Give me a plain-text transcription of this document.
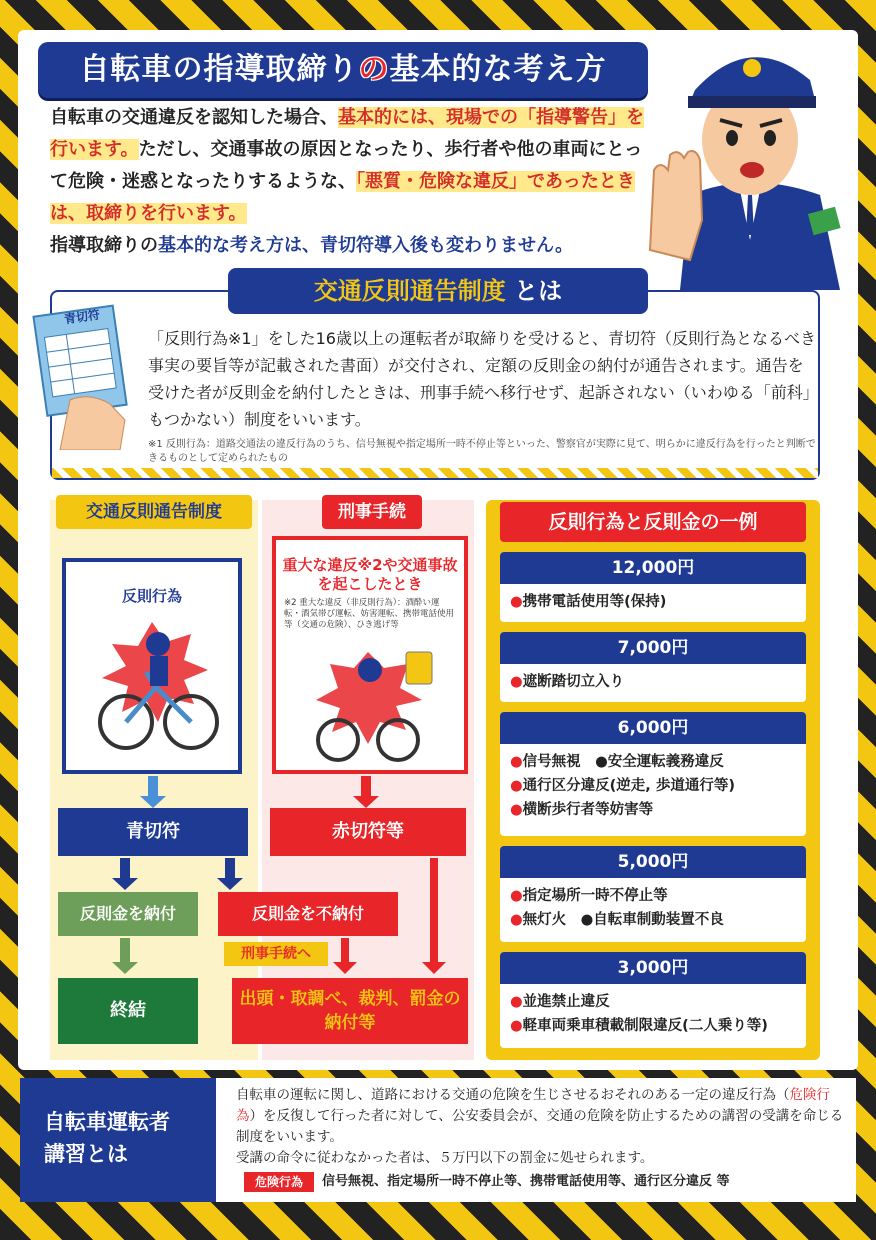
自転車の指導取締りの基本的な考え方
自転車の交通違反を認知した場合、基本的には、現場での「指導警告」を行います。ただし、交通事故の原因となったり、歩行者や他の車両にとって危険・迷惑となったりするような、「悪質・危険な違反」であったときは、取締りを行います。
指導取締りの基本的な考え方は、青切符導入後も変わりません。
交通反則通告制度 とは
青切符
「反則行為※1」をした16歳以上の運転者が取締りを受けると、青切符（反則行為となるべき事実の要旨等が記載された書面）が交付され、定額の反則金の納付が通告されます。通告を受けた者が反則金を納付したときは、刑事手続へ移行せず、起訴されない（いわゆる「前科」もつかない）制度をいいます。
※1 反則行為：道路交通法の違反行為のうち、信号無視や指定場所一時不停止等といった、警察官が実際に見て、明らかに違反行為を行ったと判断できるものとして定められたもの
交通反則通告制度	刑事手続
反則行為
重大な違反※2や交通事故を起こしたとき
※2 重大な違反（非反則行為）：酒酔い運転・酒気帯び運転、妨害運転、携帯電話使用等（交通の危険）、ひき逃げ等
青切符	赤切符等
反則金を納付	反則金を不納付
刑事手続へ
終結
出頭・取調べ、裁判、罰金の納付等
反則行為と反則金の一例
12,000円
●携帯電話使用等(保持)
7,000円
●遮断踏切立入り
6,000円
●信号無視　●安全運転義務違反
●通行区分違反(逆走, 歩道通行等)
●横断歩行者等妨害等
5,000円
●指定場所一時不停止等
●無灯火　●自転車制動装置不良
3,000円
●並進禁止違反
●軽車両乗車積載制限違反(二人乗り等)
自転車運転者
講習とは
自転車の運転に関し、道路における交通の危険を生じさせるおそれのある一定の違反行為（危険行為）を反復して行った者に対して、公安委員会が、交通の危険を防止するための講習の受講を命じる制度をいいます。
受講の命令に従わなかった者は、５万円以下の罰金に処せられます。
危険行為	信号無視、指定場所一時不停止等、携帯電話使用等、通行区分違反 等
